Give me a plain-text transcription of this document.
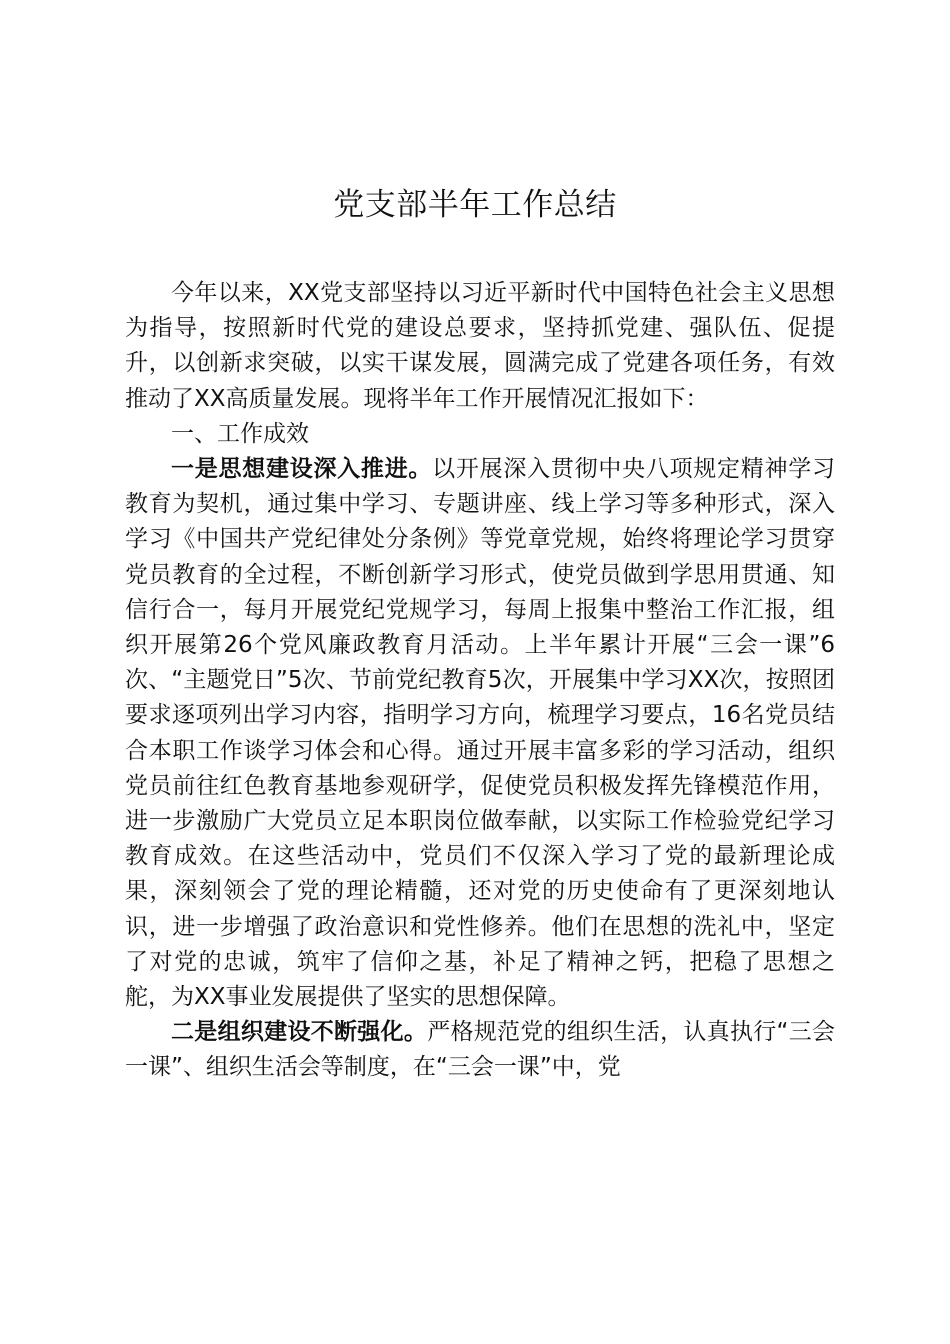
党支部半年工作总结

今年以来，XX党支部坚持以习近平新时代中国特色社会主义思想为指导，按照新时代党的建设总要求，坚持抓党建、强队伍、促提升，以创新求突破，以实干谋发展，圆满完成了党建各项任务，有效推动了XX高质量发展。现将半年工作开展情况汇报如下：

一、工作成效

一是思想建设深入推进。以开展深入贯彻中央八项规定精神学习教育为契机，通过集中学习、专题讲座、线上学习等多种形式，深入学习《中国共产党纪律处分条例》等党章党规，始终将理论学习贯穿党员教育的全过程，不断创新学习形式，使党员做到学思用贯通、知信行合一，每月开展党纪党规学习，每周上报集中整治工作汇报，组织开展第26个党风廉政教育月活动。上半年累计开展“三会一课”6次、“主题党日”5次、节前党纪教育5次，开展集中学习XX次，按照团要求逐项列出学习内容，指明学习方向，梳理学习要点，16名党员结合本职工作谈学习体会和心得。通过开展丰富多彩的学习活动，组织党员前往红色教育基地参观研学，促使党员积极发挥先锋模范作用，进一步激励广大党员立足本职岗位做奉献，以实际工作检验党纪学习教育成效。在这些活动中，党员们不仅深入学习了党的最新理论成果，深刻领会了党的理论精髓，还对党的历史使命有了更深刻地认识，进一步增强了政治意识和党性修养。他们在思想的洗礼中，坚定了对党的忠诚，筑牢了信仰之基，补足了精神之钙，把稳了思想之舵，为XX事业发展提供了坚实的思想保障。

二是组织建设不断强化。严格规范党的组织生活，认真执行“三会一课”、组织生活会等制度，在“三会一课”中，党
